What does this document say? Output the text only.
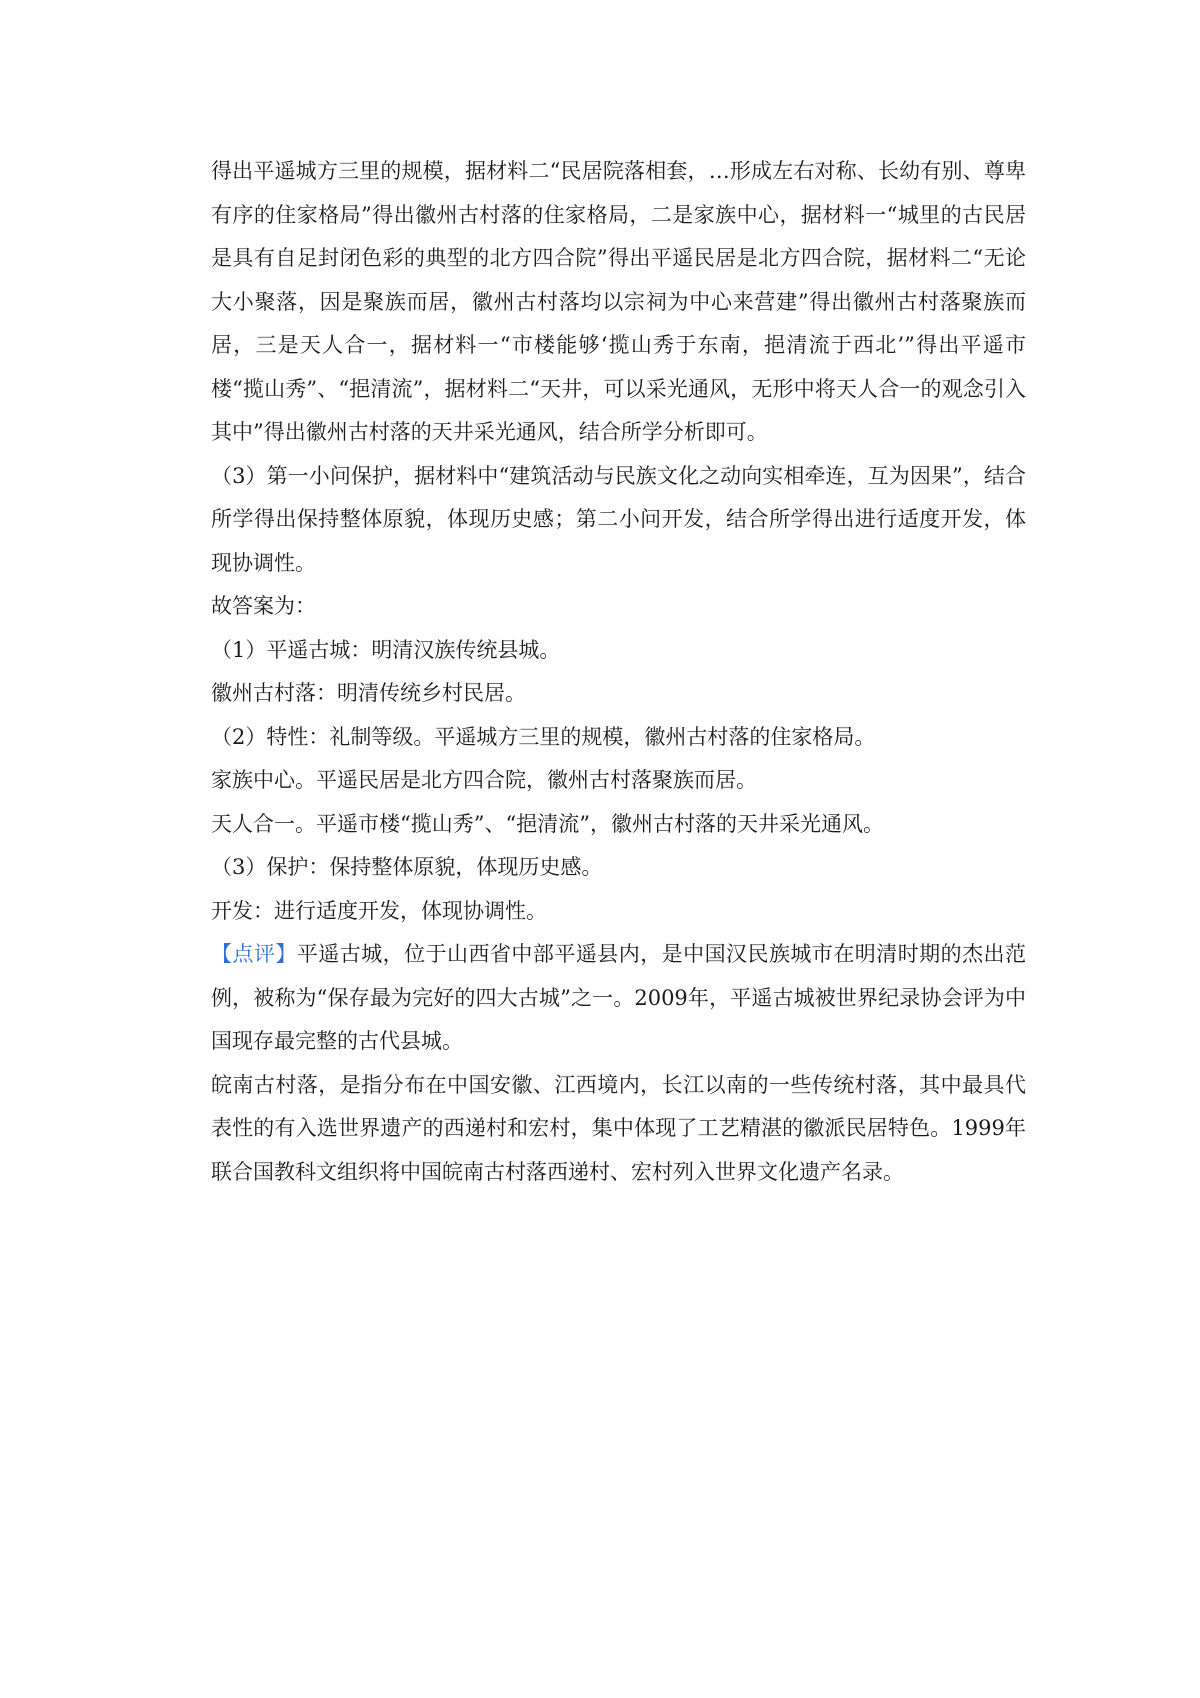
得出平遥城方三里的规模，据材料二“民居院落相套，…形成左右对称、长幼有别、尊卑有序的住家格局”得出徽州古村落的住家格局，二是家族中心，据材料一“城里的古民居是具有自足封闭色彩的典型的北方四合院”得出平遥民居是北方四合院，据材料二“无论大小聚落，因是聚族而居，徽州古村落均以宗祠为中心来营建”得出徽州古村落聚族而居，三是天人合一，据材料一“市楼能够‘揽山秀于东南，挹清流于西北’”得出平遥市楼“揽山秀”、“挹清流”，据材料二“天井，可以采光通风，无形中将天人合一的观念引入其中”得出徽州古村落的天井采光通风，结合所学分析即可。

（3）第一小问保护，据材料中“建筑活动与民族文化之动向实相牵连，互为因果”，结合所学得出保持整体原貌，体现历史感；第二小问开发，结合所学得出进行适度开发，体现协调性。

故答案为：

（1）平遥古城：明清汉族传统县城。

徽州古村落：明清传统乡村民居。

（2）特性：礼制等级。平遥城方三里的规模，徽州古村落的住家格局。

家族中心。平遥民居是北方四合院，徽州古村落聚族而居。

天人合一。平遥市楼“揽山秀”、“挹清流”，徽州古村落的天井采光通风。

（3）保护：保持整体原貌，体现历史感。

开发：进行适度开发，体现协调性。

【点评】平遥古城，位于山西省中部平遥县内，是中国汉民族城市在明清时期的杰出范例，被称为“保存最为完好的四大古城”之一。2009年，平遥古城被世界纪录协会评为中国现存最完整的古代县城。

皖南古村落，是指分布在中国安徽、江西境内，长江以南的一些传统村落，其中最具代表性的有入选世界遗产的西递村和宏村，集中体现了工艺精湛的徽派民居特色。1999年联合国教科文组织将中国皖南古村落西递村、宏村列入世界文化遗产名录。
